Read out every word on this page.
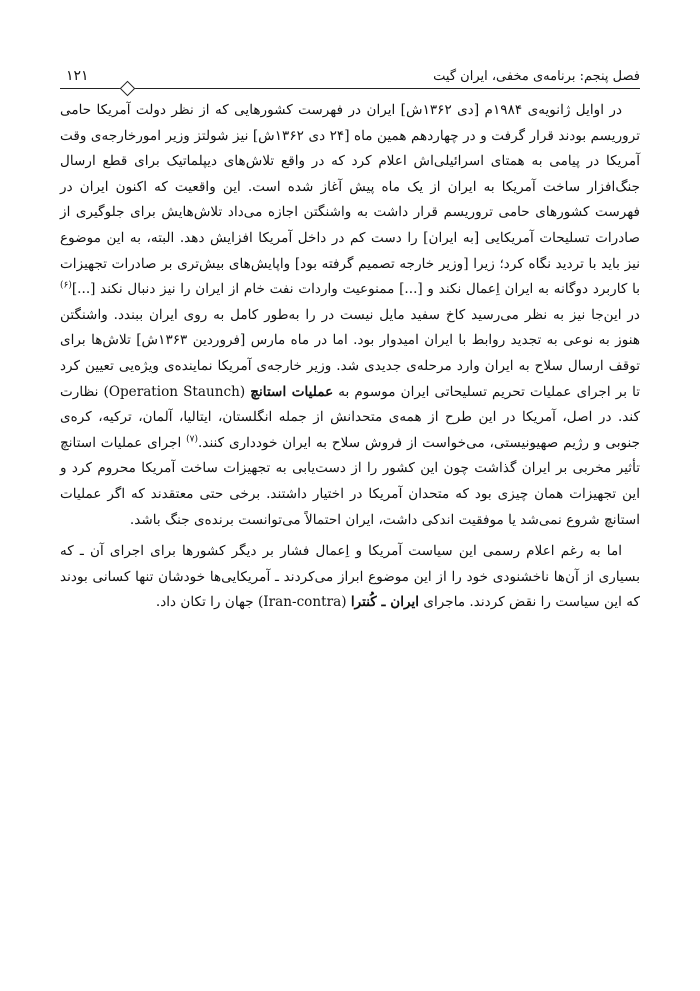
فصل پنجم: برنامه‌ی مخفی، ایران گیت
۱۲۱

در اوایل ژانویه‌ی ۱۹۸۴م [دی ۱۳۶۲ش] ایران در فهرست کشورهایی که از نظر دولت آمریکا حامی تروریسم بودند قرار گرفت و در چهاردهم همین ماه [۲۴ دی ۱۳۶۲ش] نیز شولتز وزیر امورخارجه‌ی وقت آمریکا در پیامی به همتای اسرائیلی‌اش اعلام کرد که در واقع تلاش‌های دیپلماتیک برای قطع ارسال جنگ‌افزار ساخت آمریکا به ایران از یک ماه پیش آغاز شده است. این واقعیت که اکنون ایران در فهرست کشورهای حامی تروریسم قرار داشت به واشنگتن اجازه می‌داد تلاش‌هایش برای جلوگیری از صادرات تسلیحات آمریکایی [به ایران] را دست کم در داخل آمریکا افزایش دهد. البته، به این موضوع نیز باید با تردید نگاه کرد؛ زیرا [وزیر خارجه تصمیم گرفته بود] واپایش‌های بیش‌تری بر صادرات تجهیزات با کاربرد دوگانه به ایران اِعمال نکند و [...] ممنوعیت واردات نفت خام از ایران را نیز دنبال نکند [...]$^{(۶)}$ در این‌جا نیز به نظر می‌رسید کاخ سفید مایل نیست در را به‌طور کامل به روی ایران ببندد. واشنگتن هنوز به نوعی به تجدید روابط با ایران امیدوار بود. اما در ماه مارس [فروردین ۱۳۶۳ش] تلاش‌ها برای توقف ارسال سلاح به ایران وارد مرحله‌ی جدیدی شد. وزیر خارجه‌ی آمریکا نماینده‌ی ویژه‌یی تعیین کرد تا بر اجرای عملیات تحریم تسلیحاتی ایران موسوم به عملیات استانچ (Operation Staunch) نظارت کند. در اصل، آمریکا در این طرح از همه‌ی متحدانش از جمله انگلستان، ایتالیا، آلمان، ترکیه، کره‌ی جنوبی و رژیم صهیونیستی، می‌خواست از فروش سلاح به ایران خودداری کنند.$^{(۷)}$ اجرای عملیات استانچ تأثیر مخربی بر ایران گذاشت چون این کشور را از دست‌یابی به تجهیزات ساخت آمریکا محروم کرد و این تجهیزات همان چیزی بود که متحدان آمریکا در اختیار داشتند. برخی حتی معتقدند که اگر عملیات استانچ شروع نمی‌شد یا موفقیت اندکی داشت، ایران احتمالاً می‌توانست برنده‌ی جنگ باشد.

اما به رغم اعلام رسمی این سیاست آمریکا و اِعمال فشار بر دیگر کشورها برای اجرای آن ـ که بسیاری از آن‌ها ناخشنودی خود را از این موضوع ابراز می‌کردند ـ آمریکایی‌ها خودشان تنها کسانی بودند که این سیاست را نقض کردند. ماجرای ایران ـ کُنترا (Iran-contra) جهان را تکان داد.
